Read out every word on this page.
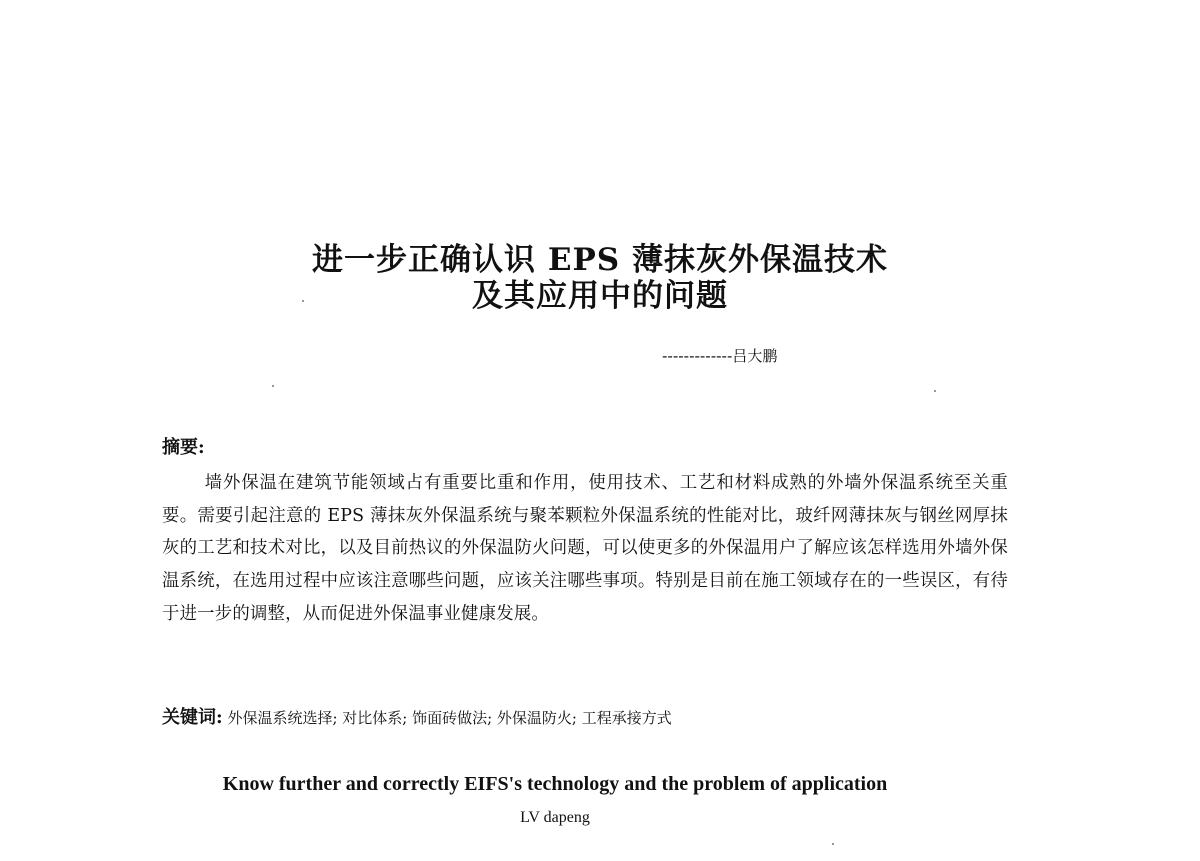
进一步正确认识 EPS 薄抹灰外保温技术
及其应用中的问题
-------------吕大鹏
摘要:
墙外保温在建筑节能领域占有重要比重和作用，使用技术、工艺和材料成熟的外墙外保温系统至关重要。需要引起注意的 EPS 薄抹灰外保温系统与聚苯颗粒外保温系统的性能对比，玻纤网薄抹灰与钢丝网厚抹灰的工艺和技术对比，以及目前热议的外保温防火问题，可以使更多的外保温用户了解应该怎样选用外墙外保温系统，在选用过程中应该注意哪些问题，应该关注哪些事项。特别是目前在施工领域存在的一些误区，有待于进一步的调整，从而促进外保温事业健康发展。
关键词: 外保温系统选择; 对比体系; 饰面砖做法; 外保温防火; 工程承接方式
Know further and correctly EIFS's technology and the problem of application
LV dapeng
